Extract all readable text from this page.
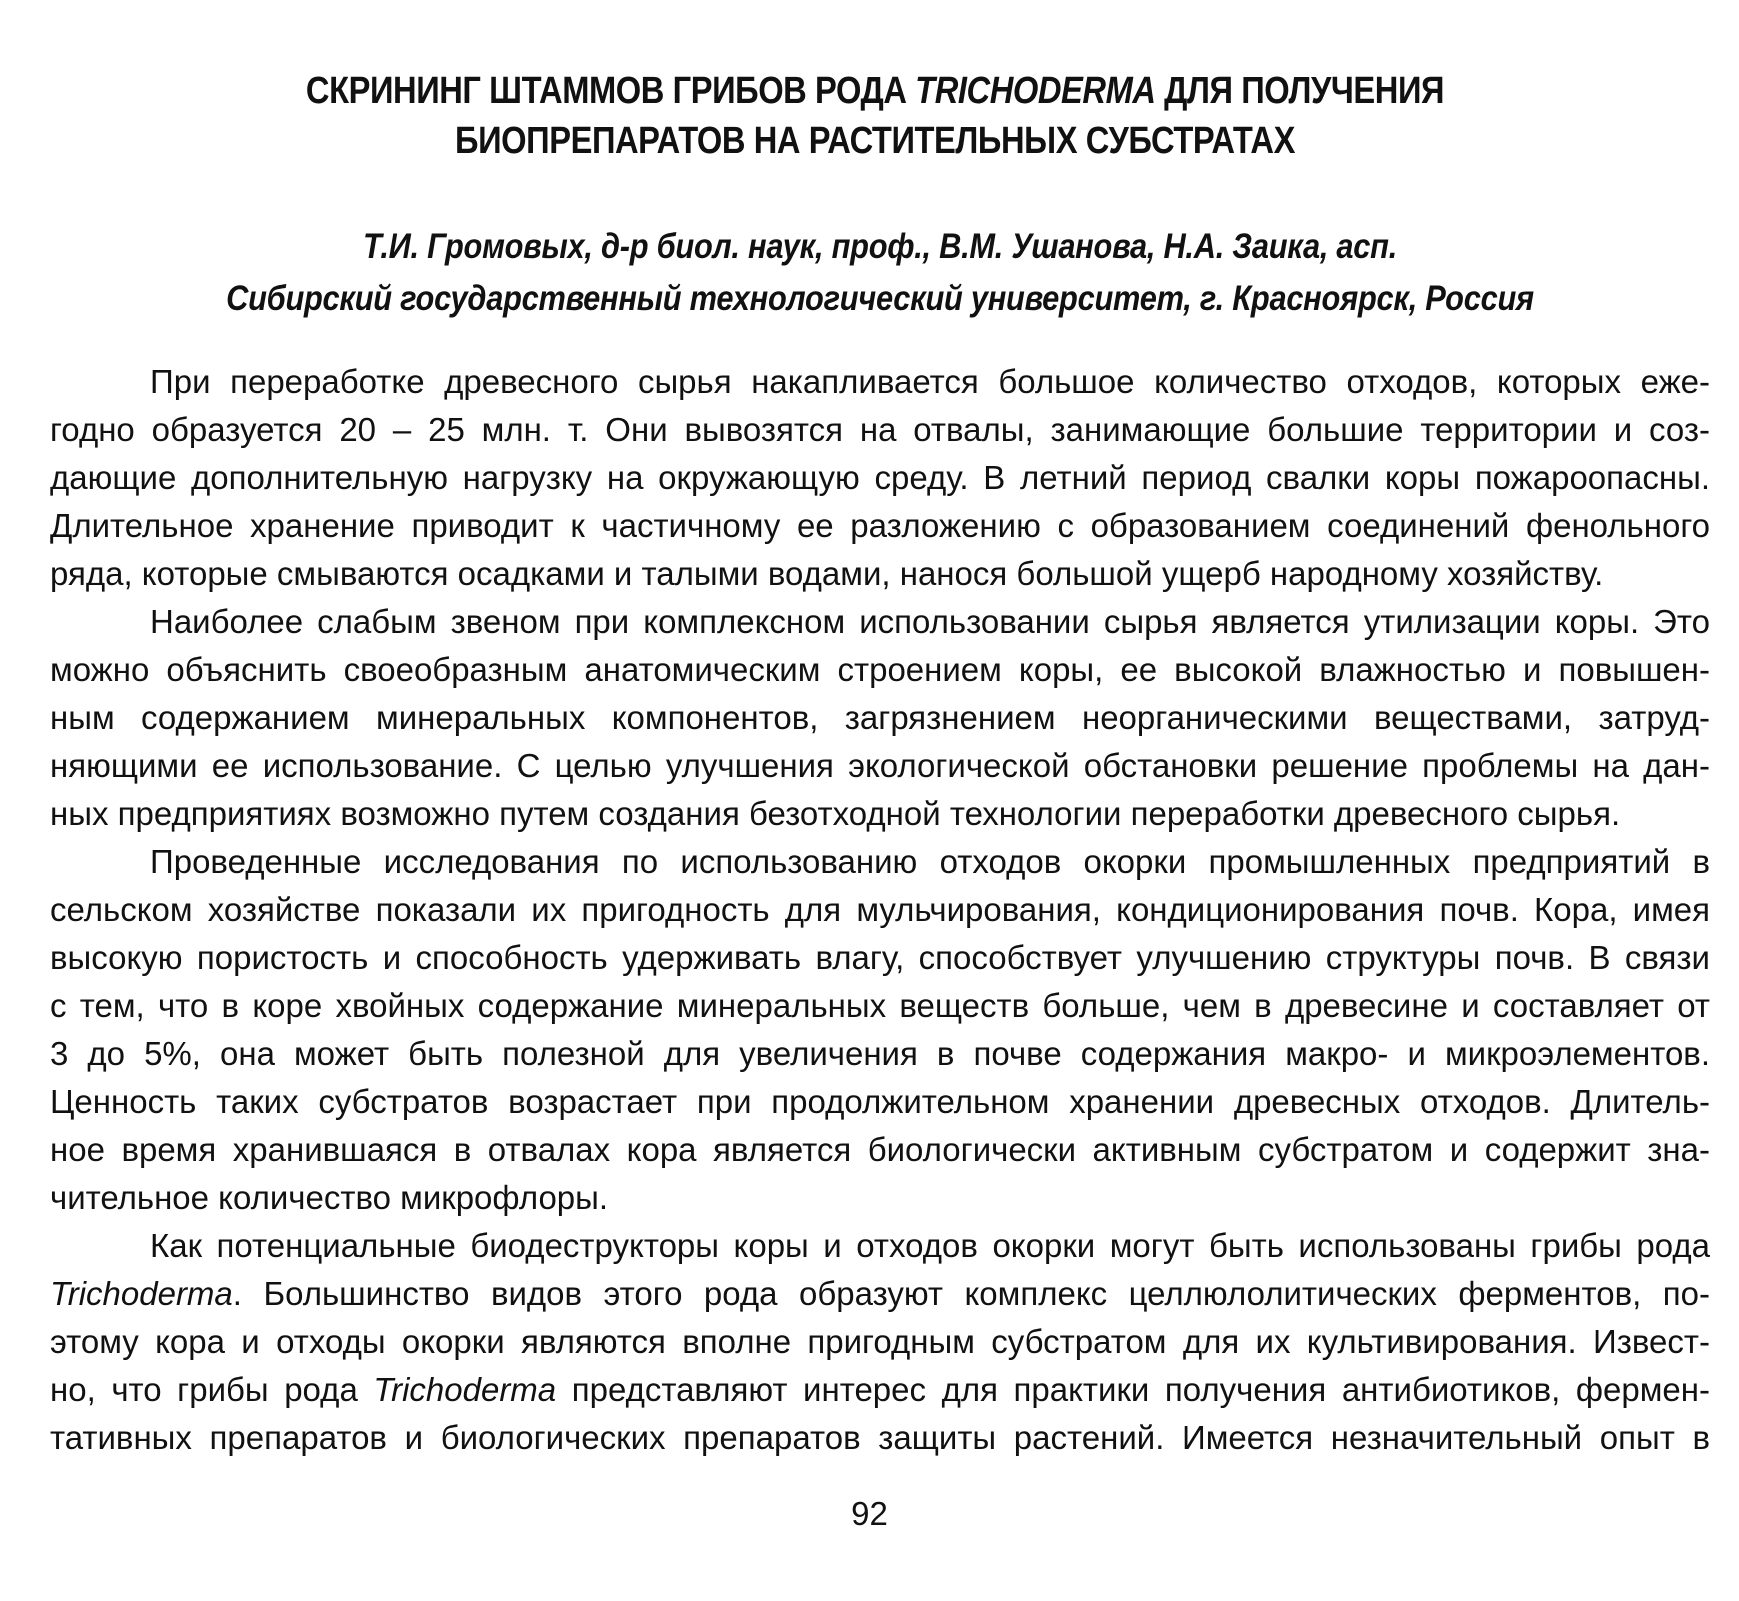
СКРИНИНГ ШТАММОВ ГРИБОВ РОДА TRICHODERMA ДЛЯ ПОЛУЧЕНИЯ
БИОПРЕПАРАТОВ НА РАСТИТЕЛЬНЫХ СУБСТРАТАХ
Т.И. Громовых, д-р биол. наук, проф., В.М. Ушанова, Н.А. Заика, асп.
Сибирский государственный технологический университет, г. Красноярск, Россия
При переработке древесного сырья накапливается большое количество отходов, которых еже-
годно образуется 20 – 25 млн. т. Они вывозятся на отвалы, занимающие большие территории и соз-
дающие дополнительную нагрузку на окружающую среду. В летний период свалки коры пожароопасны.
Длительное хранение приводит к частичному ее разложению с образованием соединений фенольного
ряда, которые смываются осадками и талыми водами, нанося большой ущерб народному хозяйству.
Наиболее слабым звеном при комплексном использовании сырья является утилизации коры. Это
можно объяснить своеобразным анатомическим строением коры, ее высокой влажностью и повышен-
ным содержанием минеральных компонентов, загрязнением неорганическими веществами, затруд-
няющими ее использование. С целью улучшения экологической обстановки решение проблемы на дан-
ных предприятиях возможно путем создания безотходной технологии переработки древесного сырья.
Проведенные исследования по использованию отходов окорки промышленных предприятий в
сельском хозяйстве показали их пригодность для мульчирования, кондиционирования почв. Кора, имея
высокую пористость и способность удерживать влагу, способствует улучшению структуры почв. В связи
с тем, что в коре хвойных содержание минеральных веществ больше, чем в древесине и составляет от
3 до 5%, она может быть полезной для увеличения в почве содержания макро- и микроэлементов.
Ценность таких субстратов возрастает при продолжительном хранении древесных отходов. Длитель-
ное время хранившаяся в отвалах кора является биологически активным субстратом и содержит зна-
чительное количество микрофлоры.
Как потенциальные биодеструкторы коры и отходов окорки могут быть использованы грибы рода
Trichoderma. Большинство видов этого рода образуют комплекс целлюлолитических ферментов, по-
этому кора и отходы окорки являются вполне пригодным субстратом для их культивирования. Извест-
но, что грибы рода Trichoderma представляют интерес для практики получения антибиотиков, фермен-
тативных препаратов и биологических препаратов защиты растений. Имеется незначительный опыт в
92
